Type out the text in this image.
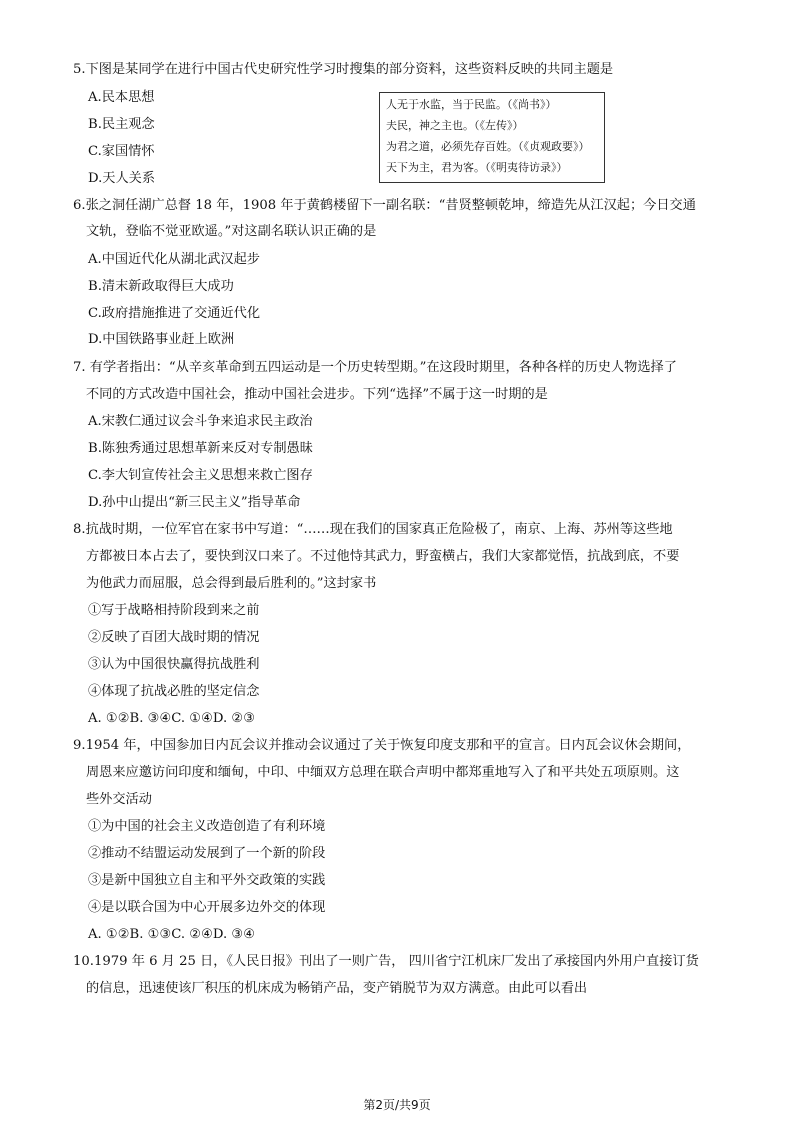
5.下图是某同学在进行中国古代史研究性学习时搜集的部分资料，这些资料反映的共同主题是
A.民本思想
B.民主观念
C.家国情怀
D.天人关系
人无于水监，当于民监。（《尚书》）
夫民，神之主也。（《左传》）
为君之道，必须先存百姓。（《贞观政要》）
天下为主，君为客。（《明夷待访录》）
6.张之洞任湖广总督 18 年，1908 年于黄鹤楼留下一副名联：“昔贤整顿乾坤，缔造先从江汉起；今日交通
文轨，登临不觉亚欧遥。”对这副名联认识正确的是
A.中国近代化从湖北武汉起步
B.清末新政取得巨大成功
C.政府措施推进了交通近代化
D.中国铁路事业赶上欧洲
7. 有学者指出：“从辛亥革命到五四运动是一个历史转型期。”在这段时期里，各种各样的历史人物选择了
不同的方式改造中国社会，推动中国社会进步。下列“选择”不属于这一时期的是
A.宋教仁通过议会斗争来追求民主政治
B.陈独秀通过思想革新来反对专制愚昧
C.李大钊宣传社会主义思想来救亡图存
D.孙中山提出“新三民主义”指导革命
8.抗战时期，一位军官在家书中写道：“……现在我们的国家真正危险极了，南京、上海、苏州等这些地
方都被日本占去了，要快到汉口来了。不过他恃其武力，野蛮横占，我们大家都觉悟，抗战到底，不要
为他武力而屈服，总会得到最后胜利的。”这封家书
①写于战略相持阶段到来之前
②反映了百团大战时期的情况
③认为中国很快赢得抗战胜利
④体现了抗战必胜的坚定信念
A. ①②B. ③④C. ①④D. ②③
9.1954 年，中国参加日内瓦会议并推动会议通过了关于恢复印度支那和平的宣言。日内瓦会议休会期间，
周恩来应邀访问印度和缅甸，中印、中缅双方总理在联合声明中都郑重地写入了和平共处五项原则。这
些外交活动
①为中国的社会主义改造创造了有利环境
②推动不结盟运动发展到了一个新的阶段
③是新中国独立自主和平外交政策的实践
④是以联合国为中心开展多边外交的体现
A. ①②B. ①③C. ②④D. ③④
10.1979 年 6 月 25 日，《人民日报》刊出了一则广告， 四川省宁江机床厂发出了承接国内外用户直接订货
的信息，迅速使该厂积压的机床成为畅销产品，变产销脱节为双方满意。由此可以看出
第2页/共9页
